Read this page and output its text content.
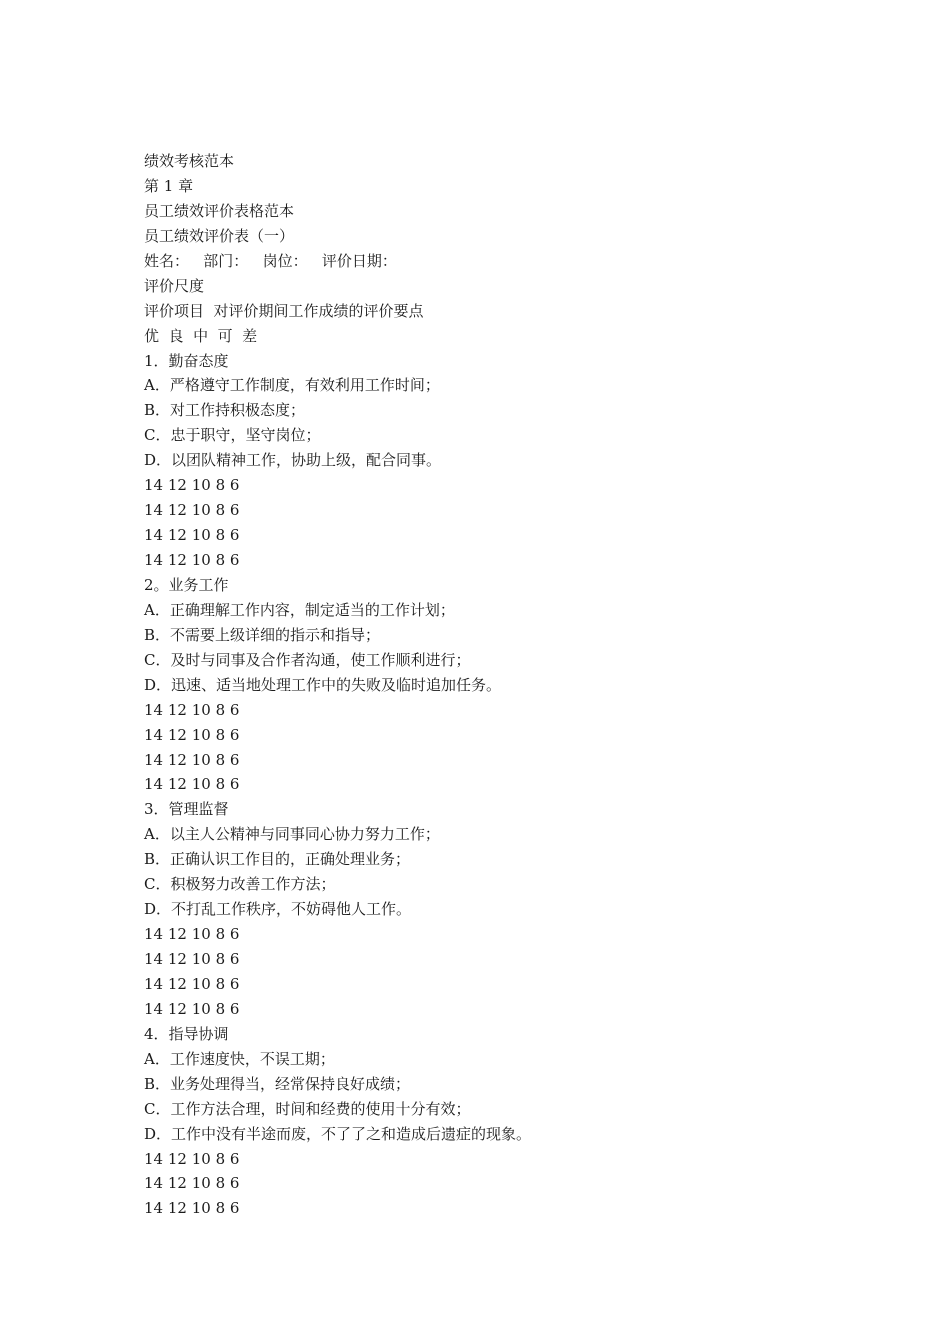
绩效考核范本
第 1 章
员工绩效评价表格范本
员工绩效评价表（一）
姓名：   部门：   岗位：   评价日期：
评价尺度
评价项目  对评价期间工作成绩的评价要点
优  良  中  可  差
1．勤奋态度
A．严格遵守工作制度，有效利用工作时间；
B．对工作持积极态度；
C．忠于职守，坚守岗位；
D．以团队精神工作，协助上级，配合同事。
14 12 10 8 6
14 12 10 8 6
14 12 10 8 6
14 12 10 8 6
2。业务工作
A．正确理解工作内容，制定适当的工作计划；
B．不需要上级详细的指示和指导；
C．及时与同事及合作者沟通，使工作顺利进行；
D．迅速、适当地处理工作中的失败及临时追加任务。
14 12 10 8 6
14 12 10 8 6
14 12 10 8 6
14 12 10 8 6
3．管理监督
A．以主人公精神与同事同心协力努力工作；
B．正确认识工作目的，正确处理业务；
C．积极努力改善工作方法；
D．不打乱工作秩序，不妨碍他人工作。
14 12 10 8 6
14 12 10 8 6
14 12 10 8 6
14 12 10 8 6
4．指导协调
A．工作速度快，不误工期；
B．业务处理得当，经常保持良好成绩；
C．工作方法合理，时间和经费的使用十分有效；
D．工作中没有半途而废，不了了之和造成后遗症的现象。
14 12 10 8 6
14 12 10 8 6
14 12 10 8 6
